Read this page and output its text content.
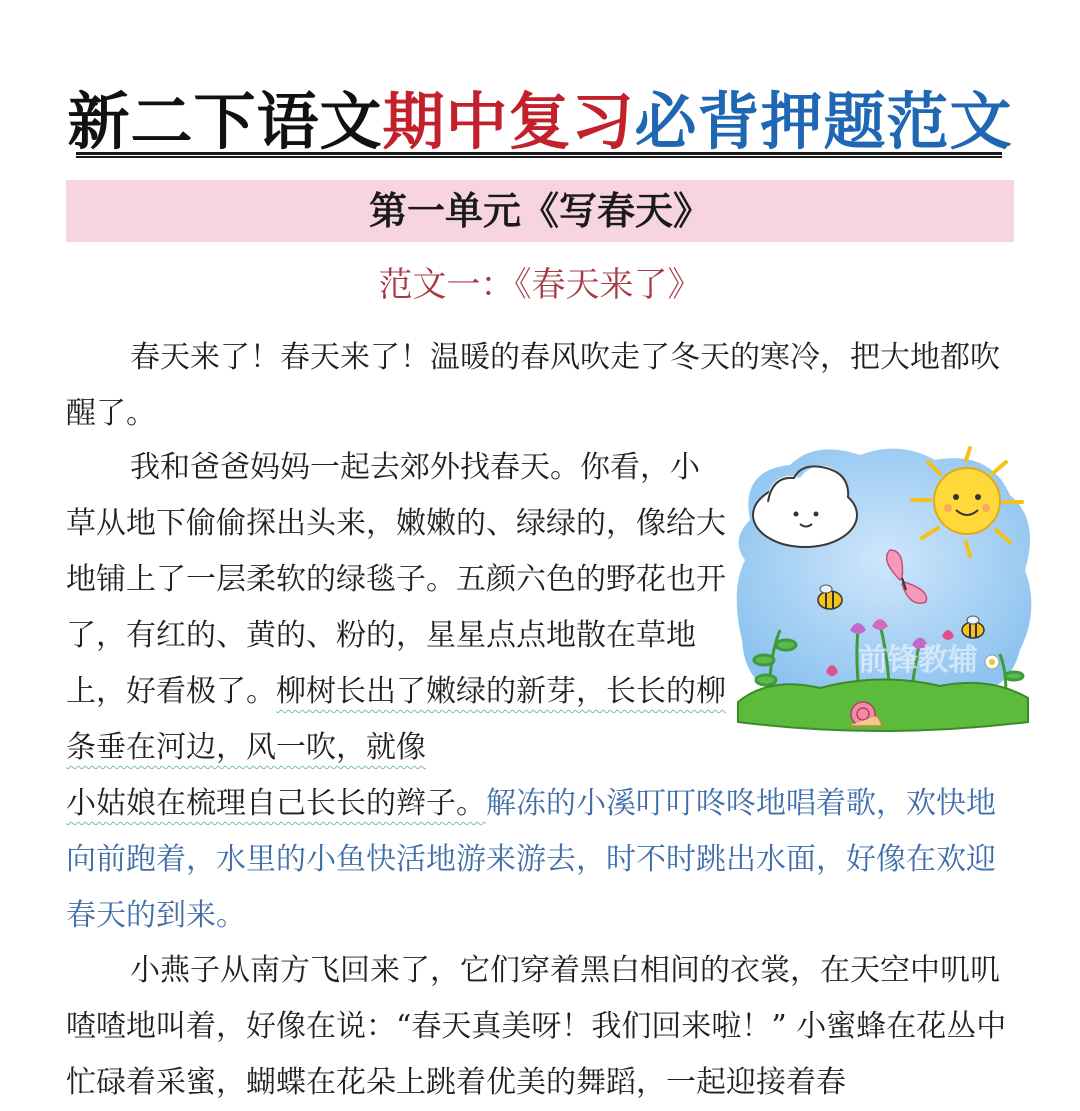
新二下语文期中复习必背押题范文
第一单元《写春天》
范文一：《春天来了》

春天来了！春天来了！温暖的春风吹走了冬天的寒冷，把大地都吹醒了。

我和爸爸妈妈一起去郊外找春天。你看，小草从地下偷偷探出头来，嫩嫩的、绿绿的，像给大地铺上了一层柔软的绿毯子。五颜六色的野花也开了，有红的、黄的、粉的，星星点点地散在草地上，好看极了。柳树长出了嫩绿的新芽，长长的柳条垂在河边，风一吹，就像

小姑娘在梳理自己长长的辫子。解冻的小溪叮叮咚咚地唱着歌，欢快地向前跑着，水里的小鱼快活地游来游去，时不时跳出水面，好像在欢迎春天的到来。

小燕子从南方飞回来了，它们穿着黑白相间的衣裳，在天空中叽叽喳喳地叫着，好像在说：“春天真美呀！我们回来啦！” 小蜜蜂在花丛中忙碌着采蜜，蝴蝶在花朵上跳着优美的舞蹈，一起迎接着春

前锋教辅
